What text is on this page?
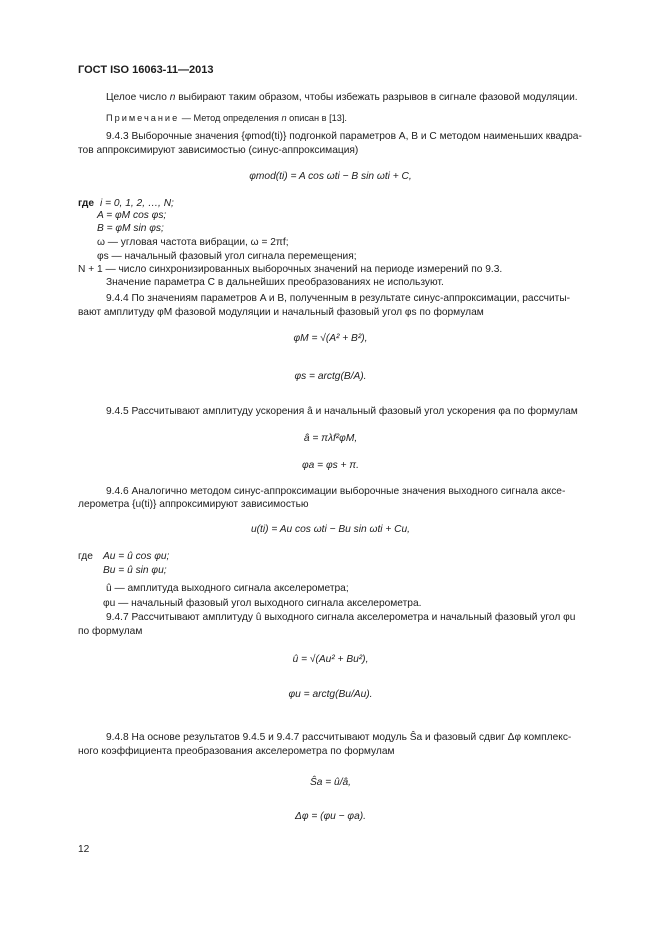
ГОСТ ISO 16063-11—2013
Целое число n выбирают таким образом, чтобы избежать разрывов в сигнале фазовой модуляции.
Примечание — Метод определения n описан в [13].
9.4.3 Выборочные значения {φmod(ti)} подгонкой параметров A, B и C методом наименьших квадра-
тов аппроксимируют зависимостью (синус-аппроксимация)
φmod(ti) = A cos ωti − B sin ωti + C,
где i = 0, 1, 2, …, N;
A = φM cos φs;
B = φM sin φs;
ω — угловая частота вибрации, ω = 2πf;
φs — начальный фазовый угол сигнала перемещения;
N + 1 — число синхронизированных выборочных значений на периоде измерений по 9.3.
Значение параметра C в дальнейших преобразованиях не используют.
9.4.4 По значениям параметров A и B, полученным в результате синус-аппроксимации, рассчиты-
вают амплитуду φM фазовой модуляции и начальный фазовый угол φs по формулам
φM = √(A² + B²),
φs = arctg(B/A).
9.4.5 Рассчитывают амплитуду ускорения â и начальный фазовый угол ускорения φa по формулам
â = πλf²φM,
φa = φs + π.
9.4.6 Аналогично методом синус-аппроксимации выборочные значения выходного сигнала аксе-
лерометра {u(ti)} аппроксимируют зависимостью
u(ti) = Au cos ωti − Bu sin ωti + Cu,
где Au = û cos φu;
Bu = û sin φu;
û — амплитуда выходного сигнала акселерометра;
φu — начальный фазовый угол выходного сигнала акселерометра.
9.4.7 Рассчитывают амплитуду û выходного сигнала акселерометра и начальный фазовый угол φu
по формулам
û = √(Au² + Bu²),
φu = arctg(Bu/Au).
9.4.8 На основе результатов 9.4.5 и 9.4.7 рассчитывают модуль Ŝa и фазовый сдвиг Δφ комплекс-
ного коэффициента преобразования акселерометра по формулам
Ŝa = û/â,
Δφ = (φu − φa).
12
